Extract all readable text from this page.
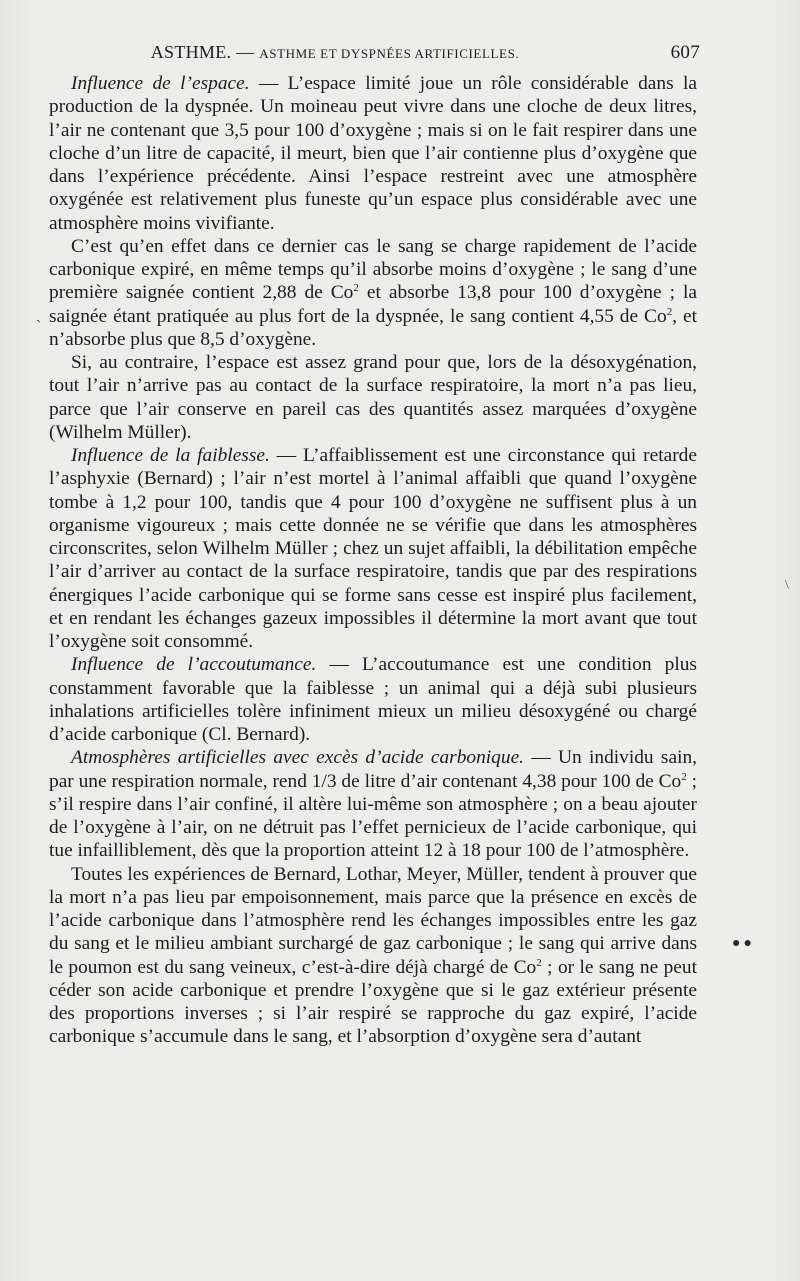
ASTHME. — ASTHME ET DYSPNÉES ARTIFICIELLES.	607

Influence de l’espace. — L’espace limité joue un rôle considérable dans la production de la dyspnée. Un moineau peut vivre dans une cloche de deux litres, l’air ne contenant que 3,5 pour 100 d’oxygène ; mais si on le fait respirer dans une cloche d’un litre de capacité, il meurt, bien que l’air contienne plus d’oxygène que dans l’expérience précédente. Ainsi l’espace restreint avec une atmosphère oxygénée est relativement plus funeste qu’un espace plus considérable avec une atmosphère moins vivifiante.

C’est qu’en effet dans ce dernier cas le sang se charge rapidement de l’acide carbonique expiré, en même temps qu’il absorbe moins d’oxygène ; le sang d’une première saignée contient 2,88 de Co$^2$ et absorbe 13,8 pour 100 d’oxygène ; la saignée étant pratiquée au plus fort de la dyspnée, le sang contient 4,55 de Co$^2$, et n’absorbe plus que 8,5 d’oxygène.

Si, au contraire, l’espace est assez grand pour que, lors de la désoxygénation, tout l’air n’arrive pas au contact de la surface respiratoire, la mort n’a pas lieu, parce que l’air conserve en pareil cas des quantités assez marquées d’oxygène (Wilhelm Müller).

Influence de la faiblesse. — L’affaiblissement est une circonstance qui retarde l’asphyxie (Bernard) ; l’air n’est mortel à l’animal affaibli que quand l’oxygène tombe à 1,2 pour 100, tandis que 4 pour 100 d’oxygène ne suffisent plus à un organisme vigoureux ; mais cette donnée ne se vérifie que dans les atmosphères circonscrites, selon Wilhelm Müller ; chez un sujet affaibli, la débilitation empêche l’air d’arriver au contact de la surface respiratoire, tandis que par des respirations énergiques l’acide carbonique qui se forme sans cesse est inspiré plus facilement, et en rendant les échanges gazeux impossibles il détermine la mort avant que tout l’oxygène soit consommé.

Influence de l’accoutumance. — L’accoutumance est une condition plus constamment favorable que la faiblesse ; un animal qui a déjà subi plusieurs inhalations artificielles tolère infiniment mieux un milieu désoxygéné ou chargé d’acide carbonique (Cl. Bernard).

Atmosphères artificielles avec excès d’acide carbonique. — Un individu sain, par une respiration normale, rend 1/3 de litre d’air contenant 4,38 pour 100 de Co$^2$ ; s’il respire dans l’air confiné, il altère lui-même son atmosphère ; on a beau ajouter de l’oxygène à l’air, on ne détruit pas l’effet pernicieux de l’acide carbonique, qui tue infailliblement, dès que la proportion atteint 12 à 18 pour 100 de l’atmosphère.

Toutes les expériences de Bernard, Lothar, Meyer, Müller, tendent à prouver que la mort n’a pas lieu par empoisonnement, mais parce que la présence en excès de l’acide carbonique dans l’atmosphère rend les échanges impossibles entre les gaz du sang et le milieu ambiant surchargé de gaz carbonique ; le sang qui arrive dans le poumon est du sang veineux, c’est-à-dire déjà chargé de Co$^2$ ; or le sang ne peut céder son acide carbonique et prendre l’oxygène que si le gaz extérieur présente des proportions inverses ; si l’air respiré se rapproche du gaz expiré, l’acide carbonique s’accumule dans le sang, et l’absorption d’oxygène sera d’autant

`
\
●●
